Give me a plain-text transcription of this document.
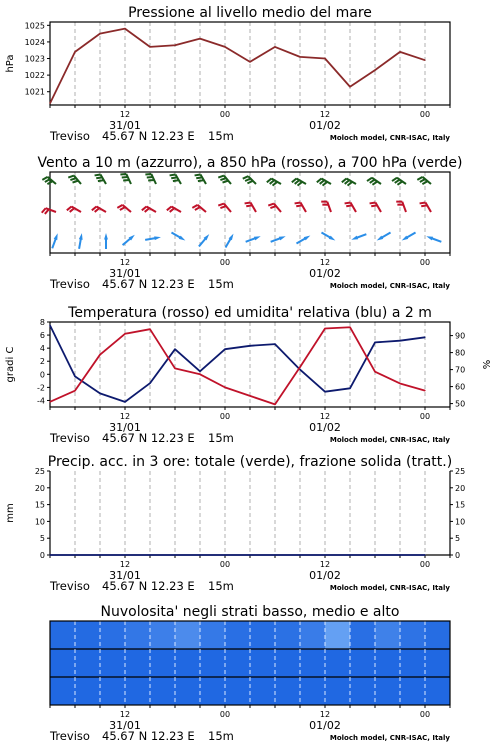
Pressione al livello medio del mare
12	00	12	00
31/01	01/02
Treviso 45.67 N 12.23 E 15m	Moloch model, CNR-ISAC, Italy
1021
1022
1023
1024
1025
hPa
Vento a 10 m (azzurro), a 850 hPa (rosso), a 700 hPa (verde)
12	00	12	00
31/01	01/02
Treviso 45.67 N 12.23 E 15m	Moloch model, CNR-ISAC, Italy
Temperatura (rosso) ed umidita' relativa (blu) a 2 m
12	00	12	00
31/01	01/02
Treviso 45.67 N 12.23 E 15m	Moloch model, CNR-ISAC, Italy
-4
-2
0
2
4
6
8
gradi C
50
60
70
80
90
%
Precip. acc. in 3 ore: totale (verde), frazione solida (tratt.)
12	00	12	00
31/01	01/02
Treviso 45.67 N 12.23 E 15m	Moloch model, CNR-ISAC, Italy
0
5
10
15
20
25
mm
0
5
10
15
20
25
Nuvolosita' negli strati basso, medio e alto
12	00	12	00
31/01	01/02
Treviso 45.67 N 12.23 E 15m	Moloch model, CNR-ISAC, Italy
